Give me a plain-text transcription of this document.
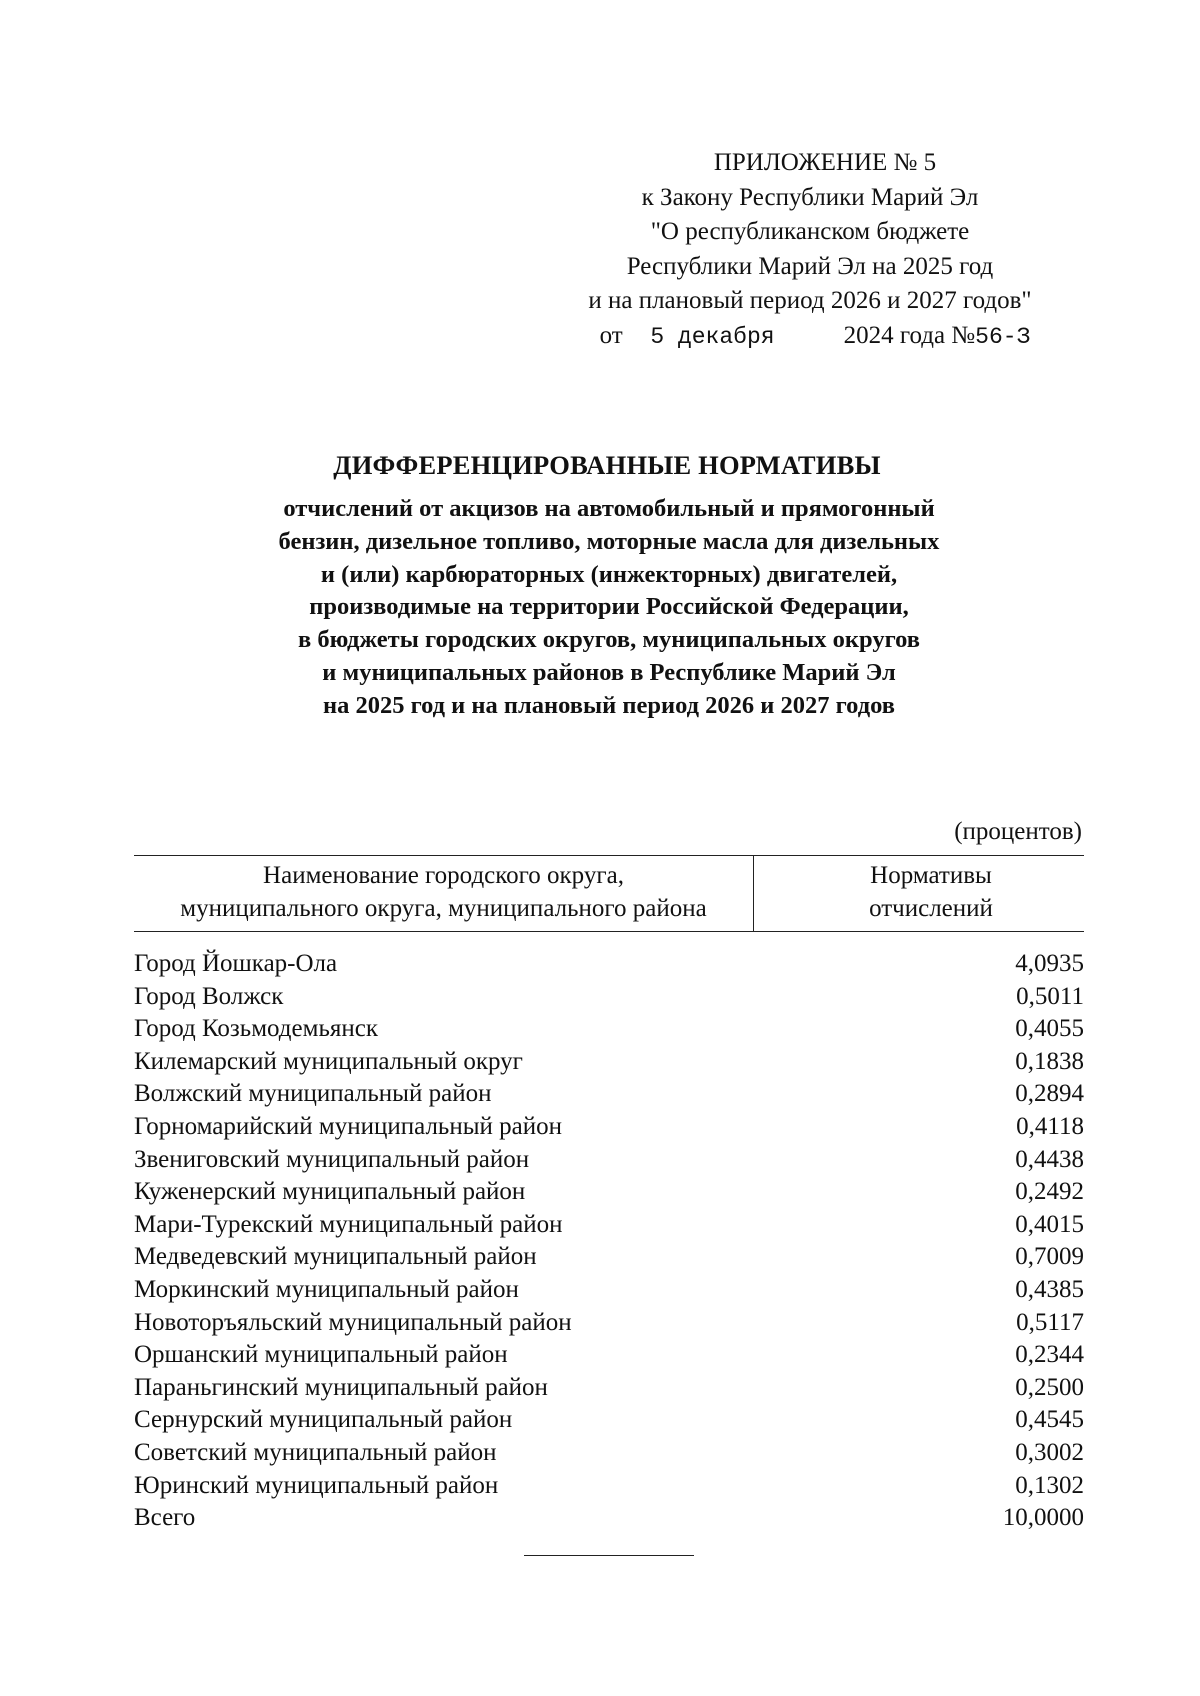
ПРИЛОЖЕНИЕ № 5
к Закону Республики Марий Эл
"О республиканском бюджете
Республики Марий Эл на 2025 год
и на плановый период 2026 и 2027 годов"
от 5 декабря	2024 года №56-З
ДИФФЕРЕНЦИРОВАННЫЕ НОРМАТИВЫ
отчислений от акцизов на автомобильный и прямогонный
бензин, дизельное топливо, моторные масла для дизельных
и (или) карбюраторных (инжекторных) двигателей,
производимые на территории Российской Федерации,
в бюджеты городских округов, муниципальных округов
и муниципальных районов в Республике Марий Эл
на 2025 год и на плановый период 2026 и 2027 годов
(процентов)
Наименование городского округа,
муниципального округа, муниципального района
Нормативы
отчислений
Город Йошкар-Ола	4,0935
Город Волжск	0,5011
Город Козьмодемьянск	0,4055
Килемарский муниципальный округ	0,1838
Волжский муниципальный район	0,2894
Горномарийский муниципальный район	0,4118
Звениговский муниципальный район	0,4438
Куженерский муниципальный район	0,2492
Мари-Турекский муниципальный район	0,4015
Медведевский муниципальный район	0,7009
Моркинский муниципальный район	0,4385
Новоторъяльский муниципальный район	0,5117
Оршанский муниципальный район	0,2344
Параньгинский муниципальный район	0,2500
Сернурский муниципальный район	0,4545
Советский муниципальный район	0,3002
Юринский муниципальный район	0,1302
Всего	10,0000
